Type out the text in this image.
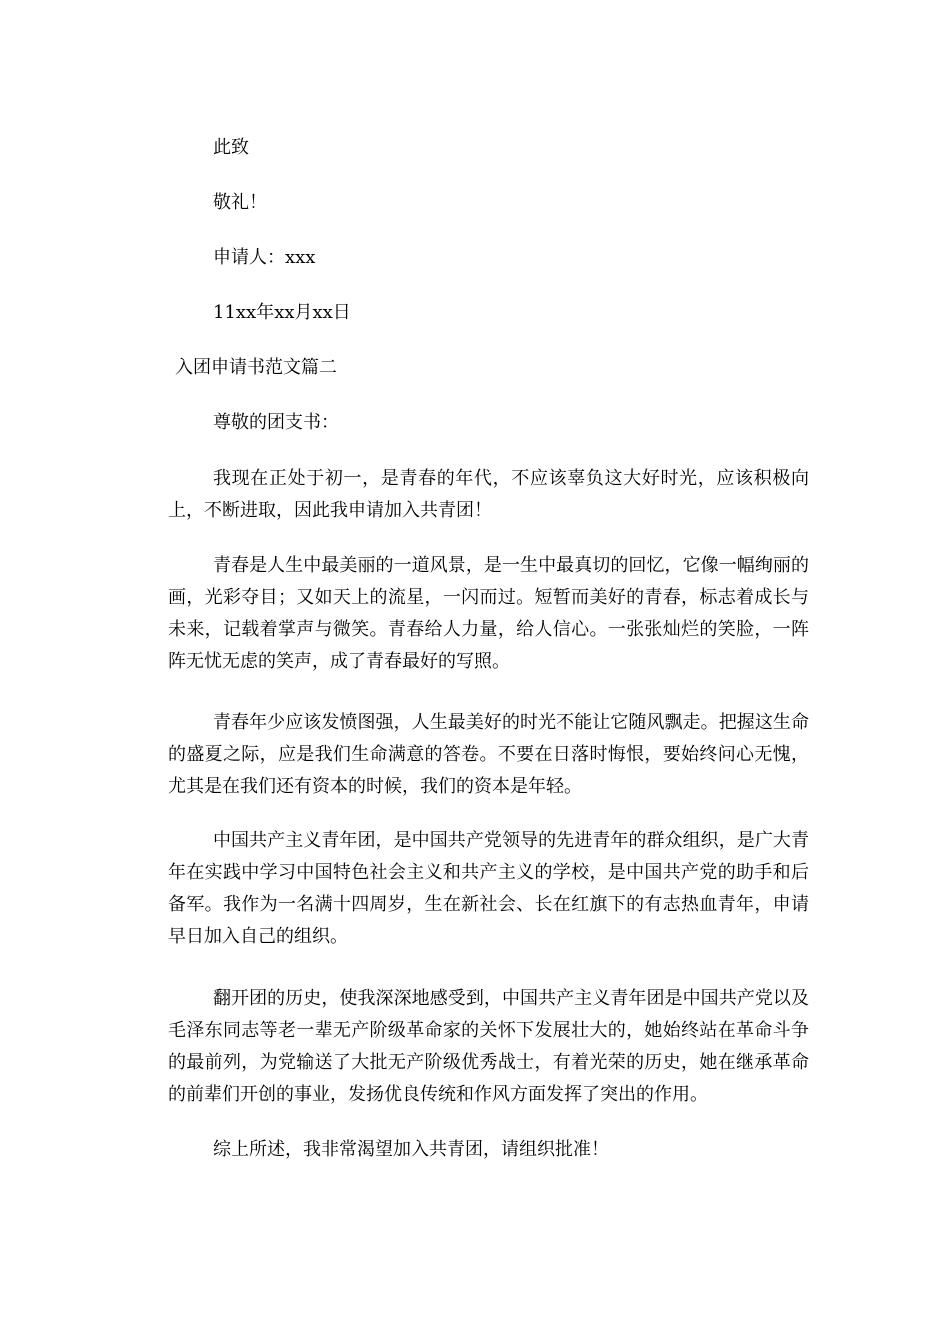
此致

敬礼！

申请人：xxx

11xx年xx月xx日

入团申请书范文篇二

尊敬的团支书：

我现在正处于初一，是青春的年代，不应该辜负这大好时光，应该积极向上，不断进取，因此我申请加入共青团！

青春是人生中最美丽的一道风景，是一生中最真切的回忆，它像一幅绚丽的画，光彩夺目；又如天上的流星，一闪而过。短暂而美好的青春，标志着成长与未来，记载着掌声与微笑。青春给人力量，给人信心。一张张灿烂的笑脸，一阵阵无忧无虑的笑声，成了青春最好的写照。

青春年少应该发愤图强，人生最美好的时光不能让它随风飘走。把握这生命的盛夏之际，应是我们生命满意的答卷。不要在日落时悔恨，要始终问心无愧，尤其是在我们还有资本的时候，我们的资本是年轻。

中国共产主义青年团，是中国共产党领导的先进青年的群众组织，是广大青年在实践中学习中国特色社会主义和共产主义的学校，是中国共产党的助手和后备军。我作为一名满十四周岁，生在新社会、长在红旗下的有志热血青年，申请早日加入自己的组织。

翻开团的历史，使我深深地感受到，中国共产主义青年团是中国共产党以及毛泽东同志等老一辈无产阶级革命家的关怀下发展壮大的，她始终站在革命斗争的最前列，为党输送了大批无产阶级优秀战士，有着光荣的历史，她在继承革命的前辈们开创的事业，发扬优良传统和作风方面发挥了突出的作用。

综上所述，我非常渴望加入共青团，请组织批准！
